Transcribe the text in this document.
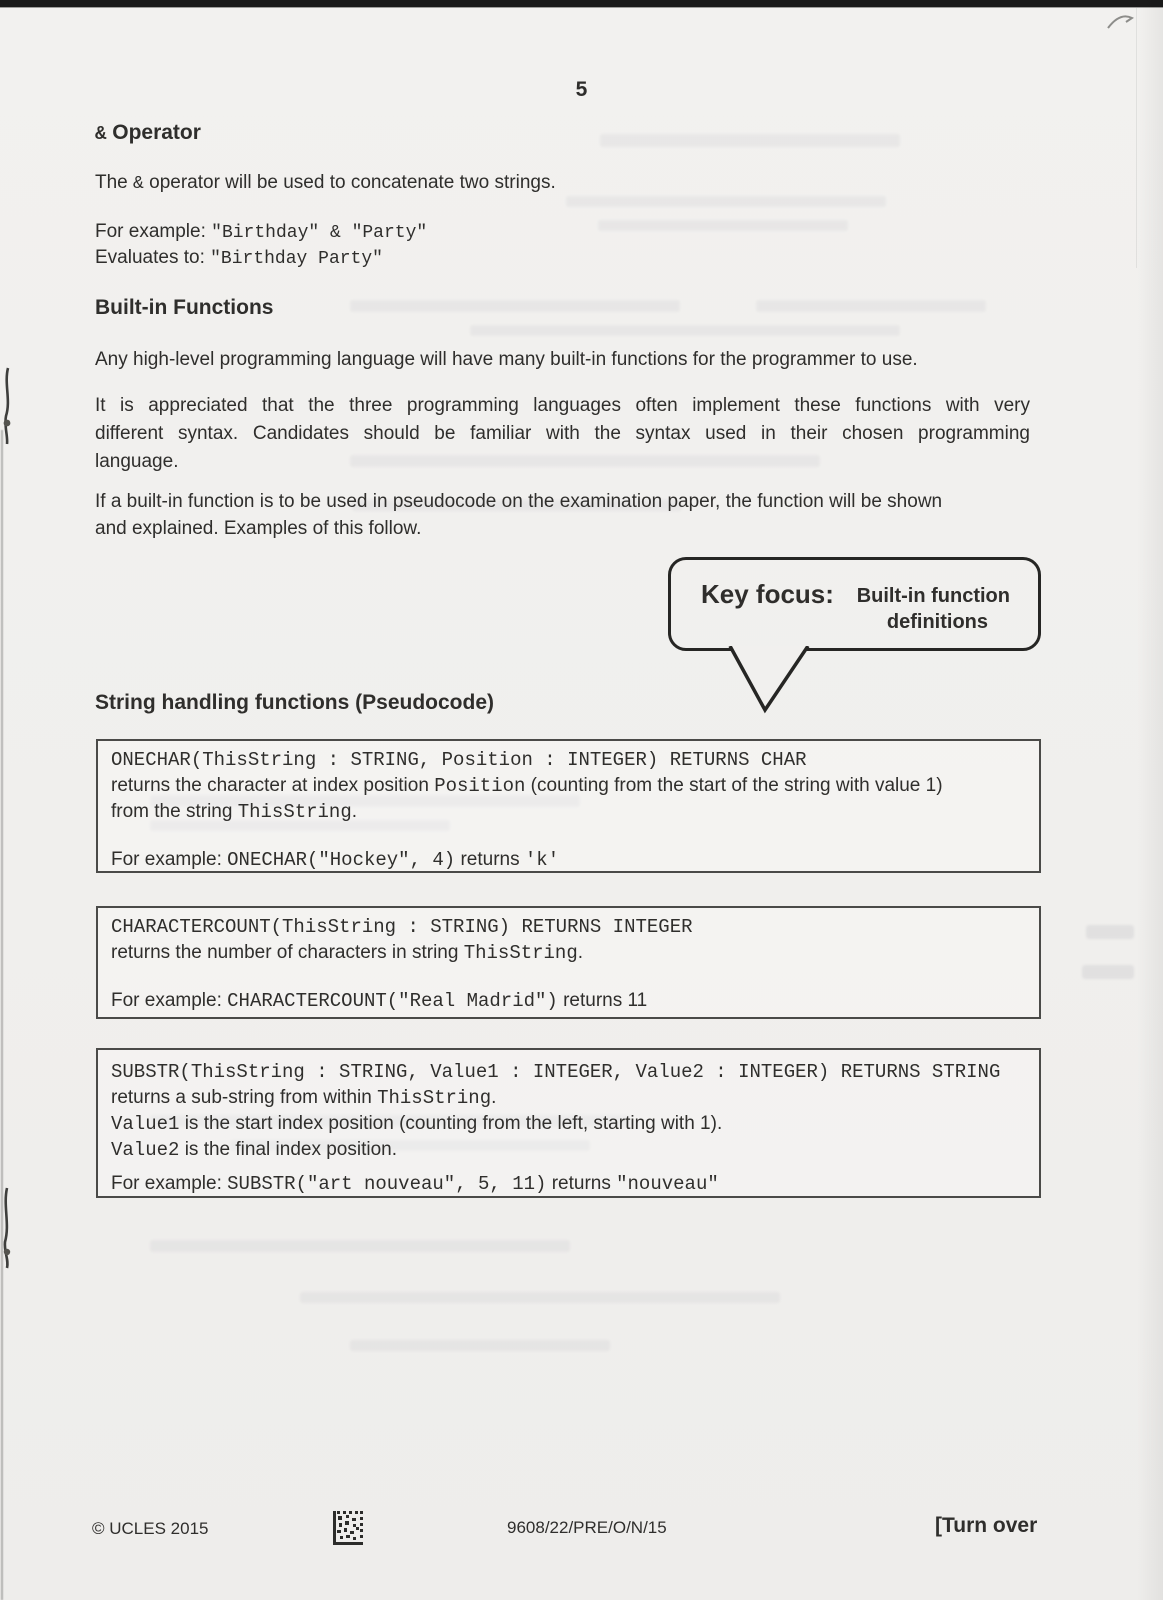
5
& Operator
The & operator will be used to concatenate two strings.
For example: "Birthday" & "Party"
Evaluates to: "Birthday Party"
Built-in Functions
Any high-level programming language will have many built-in functions for the programmer to use.
It is appreciated that the three programming languages often implement these functions with very
different syntax. Candidates should be familiar with the syntax used in their chosen programming
language.
If a built-in function is to be used in pseudocode on the examination paper, the function will be shown
and explained. Examples of this follow.
Key focus: Built-in function
definitions
String handling functions (Pseudocode)
ONECHAR(ThisString : STRING, Position : INTEGER) RETURNS CHAR
returns the character at index position Position (counting from the start of the string with value 1)
from the string ThisString.
For example: ONECHAR("Hockey", 4) returns 'k'
CHARACTERCOUNT(ThisString : STRING) RETURNS INTEGER
returns the number of characters in string ThisString.
For example: CHARACTERCOUNT("Real Madrid") returns 11
SUBSTR(ThisString : STRING, Value1 : INTEGER, Value2 : INTEGER) RETURNS STRING
returns a sub-string from within ThisString.
Value1 is the start index position (counting from the left, starting with 1).
Value2 is the final index position.
For example: SUBSTR("art nouveau", 5, 11) returns "nouveau"
© UCLES 2015	9608/22/PRE/O/N/15	[Turn over
